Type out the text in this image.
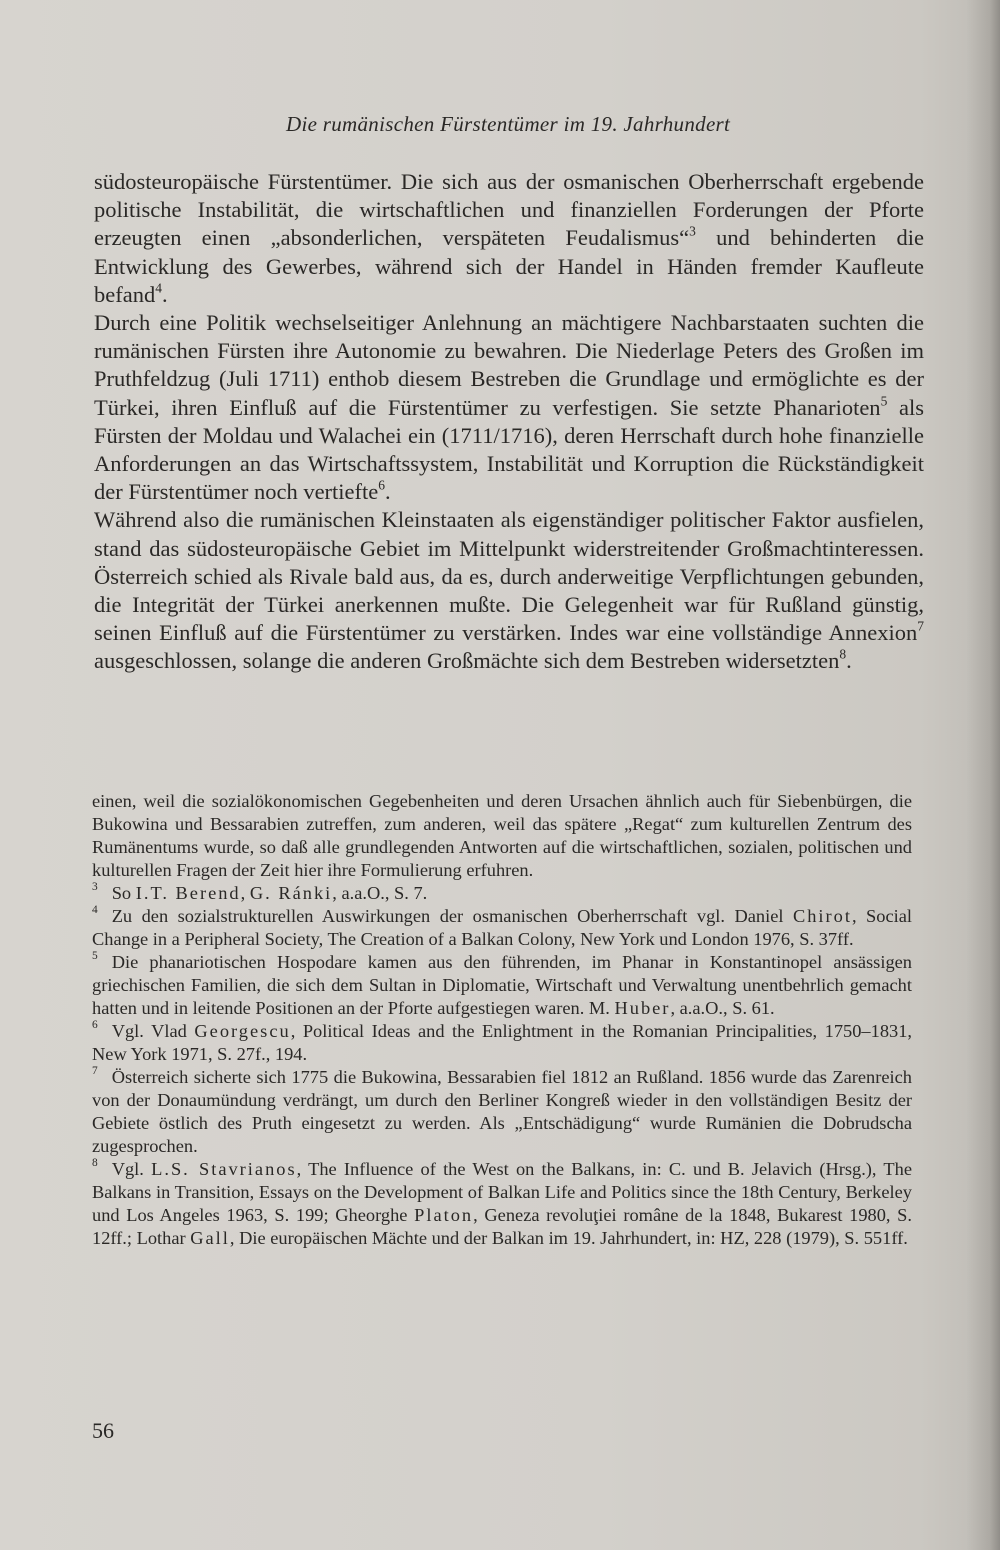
Die rumänischen Fürstentümer im 19. Jahrhundert

südosteuropäische Fürstentümer. Die sich aus der osmanischen Oberherrschaft ergebende politische Instabilität, die wirtschaftlichen und finanziellen Forderungen der Pforte erzeugten einen „absonderlichen, verspäteten Feudalismus“$^3$ und behinderten die Entwicklung des Gewerbes, während sich der Handel in Händen fremder Kaufleute befand$^4$.

Durch eine Politik wechselseitiger Anlehnung an mächtigere Nachbarstaaten suchten die rumänischen Fürsten ihre Autonomie zu bewahren. Die Niederlage Peters des Großen im Pruthfeldzug (Juli 1711) enthob diesem Bestreben die Grundlage und ermöglichte es der Türkei, ihren Einfluß auf die Fürstentümer zu verfestigen. Sie setzte Phanarioten$^5$ als Fürsten der Moldau und Walachei ein (1711/1716), deren Herrschaft durch hohe finanzielle Anforderungen an das Wirtschaftssystem, Instabilität und Korruption die Rückständigkeit der Fürstentümer noch vertiefte$^6$.

Während also die rumänischen Kleinstaaten als eigenständiger politischer Faktor ausfielen, stand das südosteuropäische Gebiet im Mittelpunkt widerstreitender Großmachtinteressen. Österreich schied als Rivale bald aus, da es, durch anderweitige Verpflichtungen gebunden, die Integrität der Türkei anerkennen mußte. Die Gelegenheit war für Rußland günstig, seinen Einfluß auf die Fürstentümer zu verstärken. Indes war eine vollständige Annexion$^7$ ausgeschlossen, solange die anderen Großmächte sich dem Bestreben widersetzten$^8$.

einen, weil die sozialökonomischen Gegebenheiten und deren Ursachen ähnlich auch für Siebenbürgen, die Bukowina und Bessarabien zutreffen, zum anderen, weil das spätere „Regat“ zum kulturellen Zentrum des Rumänentums wurde, so daß alle grundlegenden Antworten auf die wirtschaftlichen, sozialen, politischen und kulturellen Fragen der Zeit hier ihre Formulierung erfuhren.

$^3$ So I.T. Berend, G. Ránki, a.a.O., S. 7.

$^4$ Zu den sozialstrukturellen Auswirkungen der osmanischen Oberherrschaft vgl. Daniel Chirot, Social Change in a Peripheral Society, The Creation of a Balkan Colony, New York und London 1976, S. 37ff.

$^5$ Die phanariotischen Hospodare kamen aus den führenden, im Phanar in Konstantinopel ansässigen griechischen Familien, die sich dem Sultan in Diplomatie, Wirtschaft und Verwaltung unentbehrlich gemacht hatten und in leitende Positionen an der Pforte aufgestiegen waren. M. Huber, a.a.O., S. 61.

$^6$ Vgl. Vlad Georgescu, Political Ideas and the Enlightment in the Romanian Principalities, 1750–1831, New York 1971, S. 27f., 194.

$^7$ Österreich sicherte sich 1775 die Bukowina, Bessarabien fiel 1812 an Rußland. 1856 wurde das Zarenreich von der Donaumündung verdrängt, um durch den Berliner Kongreß wieder in den vollständigen Besitz der Gebiete östlich des Pruth eingesetzt zu werden. Als „Entschädigung“ wurde Rumänien die Dobrudscha zugesprochen.

$^8$ Vgl. L.S. Stavrianos, The Influence of the West on the Balkans, in: C. und B. Jelavich (Hrsg.), The Balkans in Transition, Essays on the Development of Balkan Life and Politics since the 18th Century, Berkeley und Los Angeles 1963, S. 199; Gheorghe Platon, Geneza revoluţiei române de la 1848, Bukarest 1980, S. 12ff.; Lothar Gall, Die europäischen Mächte und der Balkan im 19. Jahrhundert, in: HZ, 228 (1979), S. 551ff.

56
